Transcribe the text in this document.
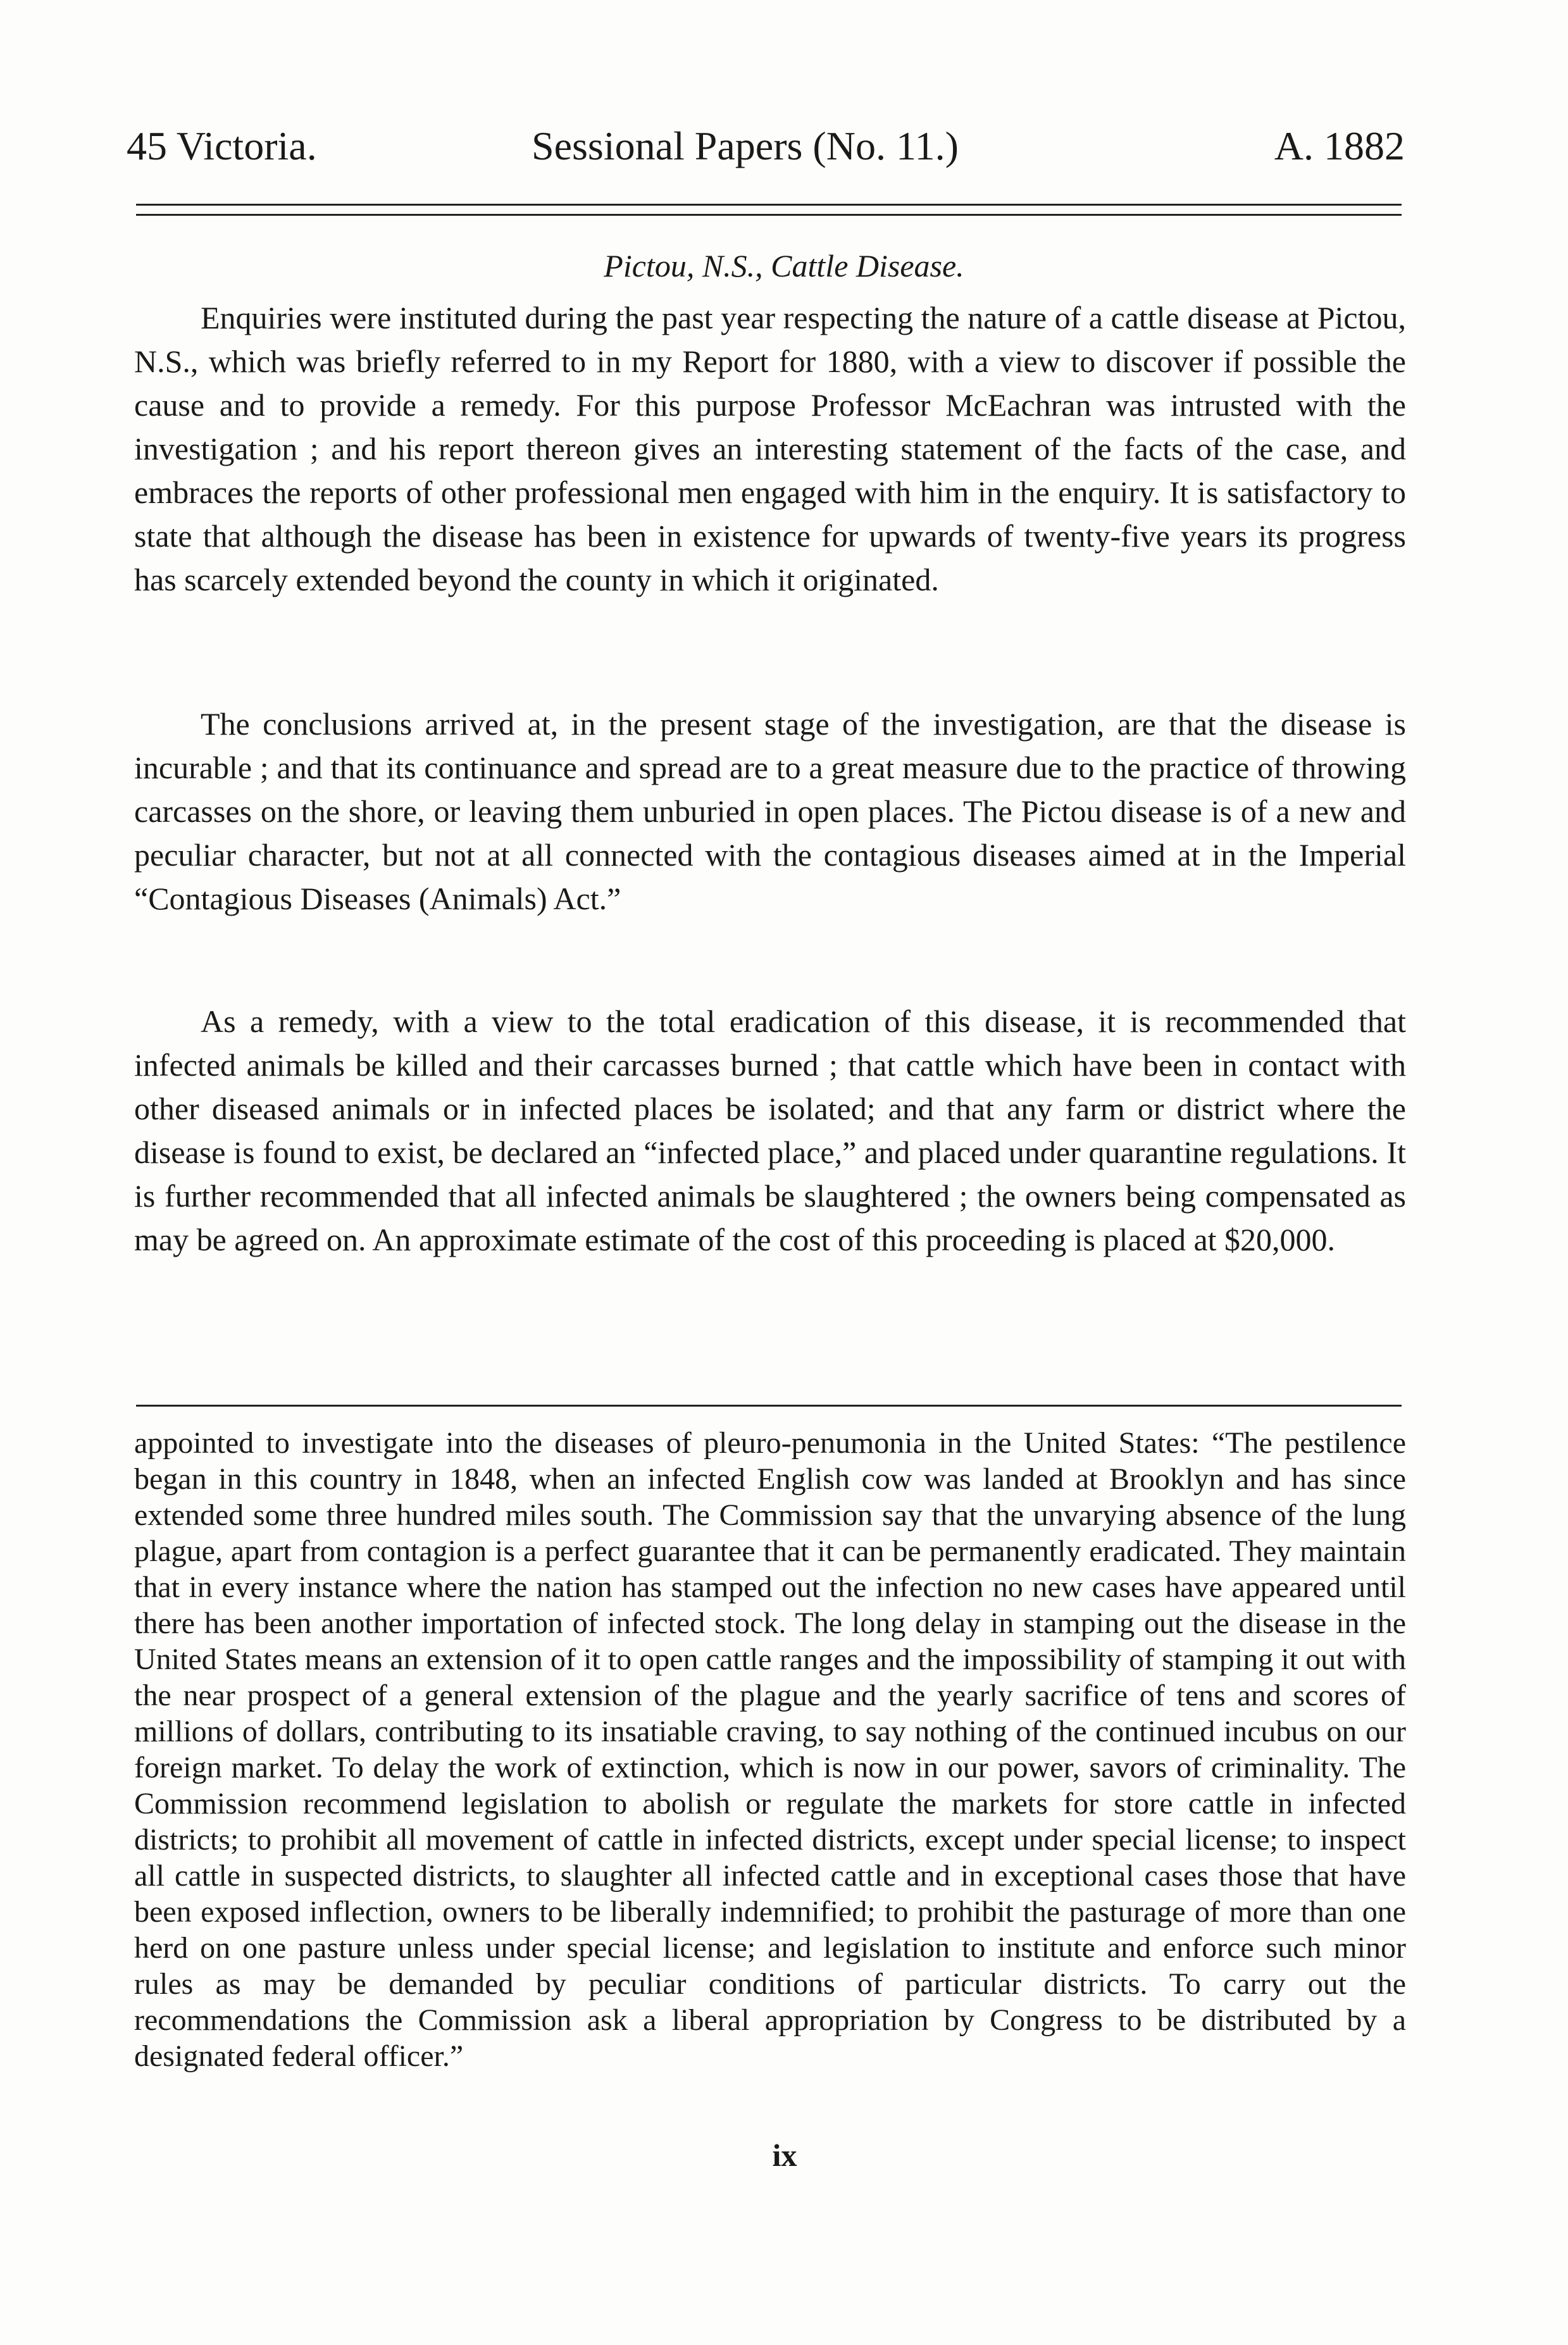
45 Victoria.	Sessional Papers (No. 11.)	A. 1882
Pictou, N.S., Cattle Disease.

Enquiries were instituted during the past year respecting the nature of a cattle disease at Pictou, N.S., which was briefly referred to in my Report for 1880, with a view to discover if possible the cause and to provide a remedy. For this purpose Professor McEachran was intrusted with the investigation ; and his report thereon gives an interesting statement of the facts of the case, and embraces the reports of other professional men engaged with him in the enquiry. It is satisfactory to state that although the disease has been in existence for upwards of twenty-five years its progress has scarcely extended beyond the county in which it originated.

The conclusions arrived at, in the present stage of the investigation, are that the disease is incurable ; and that its continuance and spread are to a great measure due to the practice of throwing carcasses on the shore, or leaving them unburied in open places. The Pictou disease is of a new and peculiar character, but not at all connected with the contagious diseases aimed at in the Imperial “Contagious Diseases (Animals) Act.”

As a remedy, with a view to the total eradication of this disease, it is recommended that infected animals be killed and their carcasses burned ; that cattle which have been in contact with other diseased animals or in infected places be isolated; and that any farm or district where the disease is found to exist, be declared an “infected place,” and placed under quarantine regulations. It is further recommended that all infected animals be slaughtered ; the owners being compensated as may be agreed on. An approximate estimate of the cost of this proceeding is placed at $20,000.

appointed to investigate into the diseases of pleuro-penumonia in the United States: “The pestilence began in this country in 1848, when an infected English cow was landed at Brooklyn and has since extended some three hundred miles south. The Commission say that the unvarying absence of the lung plague, apart from contagion is a perfect guarantee that it can be permanently eradicated. They maintain that in every instance where the nation has stamped out the infection no new cases have appeared until there has been another importation of infected stock. The long delay in stamping out the disease in the United States means an extension of it to open cattle ranges and the impossibility of stamping it out with the near prospect of a general extension of the plague and the yearly sacrifice of tens and scores of millions of dollars, contributing to its insatiable craving, to say nothing of the continued incubus on our foreign market. To delay the work of extinction, which is now in our power, savors of criminality. The Commission recommend legislation to abolish or regulate the markets for store cattle in infected districts; to prohibit all movement of cattle in infected districts, except under special license; to inspect all cattle in suspected districts, to slaughter all infected cattle and in exceptional cases those that have been exposed inflection, owners to be liberally indemnified; to prohibit the pasturage of more than one herd on one pasture unless under special license; and legislation to institute and enforce such minor rules as may be demanded by peculiar conditions of particular districts. To carry out the recommendations the Commission ask a liberal appropriation by Congress to be distributed by a designated federal officer.”

ix
